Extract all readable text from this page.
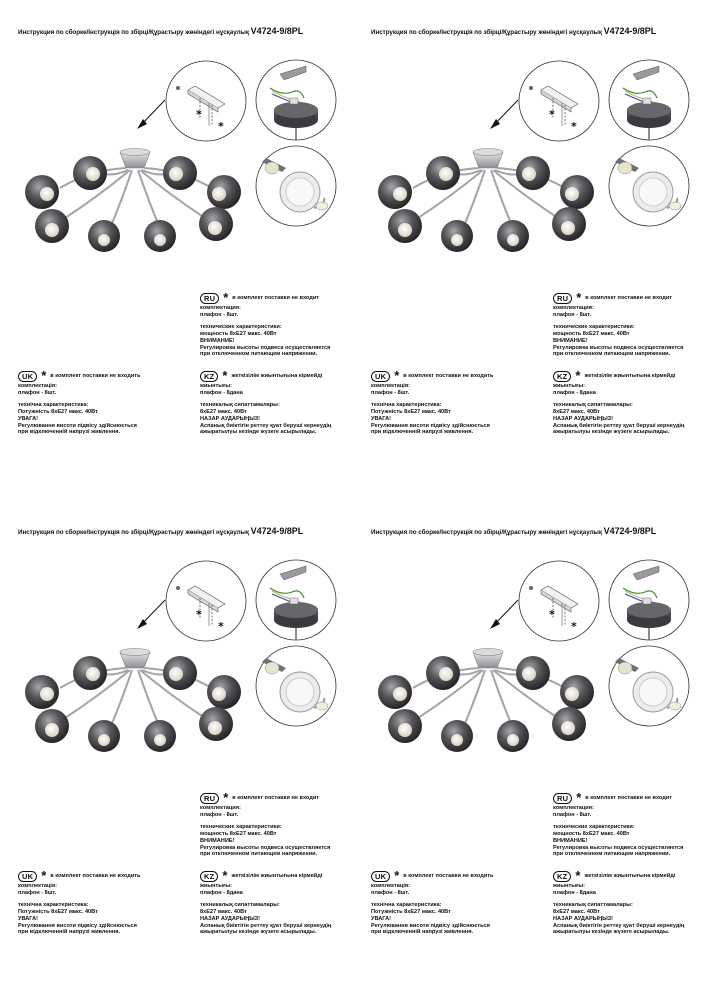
Инструкция по сборке/Інструкція по збірці/Құрастыру жөніндегі нұсқаулық V4724-9/8PL
RU * в комплект поставки не входит
комплектация:
плафон - 8шт.
технические характеристики:
мощность 8хЕ27 макс. 40Вт
ВНИМАНИЕ!
Регулировка высоты подвеса осуществляется
при отключенном питающем напряжении.
UK * в комплект поставки не входить
комплектація:
плафон - 8шт.
технічна характеристика:
Потужність 8хЕ27 макс. 40Вт
УВАГА!
Регулювання висоти підвісу здійснюється
при відключенній напрузі живлення.
KZ * жеткізілім жиынтығына кірмейді
жиынтығы:
плафон - 8дана
техникалық сипаттамалары:
8хЕ27 макс. 40Вт
НАЗАР АУДАРЫҢЫЗ!
Аспанық биіктігін реттеу қуат беруші кернеудің
ажыратылуы кезінде жүзеге асырылады.
Инструкция по сборке/Інструкція по збірці/Құрастыру жөніндегі нұсқаулық V4724-9/8PL
RU * в комплект поставки не входит
комплектация:
плафон - 8шт.
технические характеристики:
мощность 8хЕ27 макс. 40Вт
ВНИМАНИЕ!
Регулировка высоты подвеса осуществляется
при отключенном питающем напряжении.
UK * в комплект поставки не входить
комплектація:
плафон - 8шт.
технічна характеристика:
Потужність 8хЕ27 макс. 40Вт
УВАГА!
Регулювання висоти підвісу здійснюється
при відключенній напрузі живлення.
KZ * жеткізілім жиынтығына кірмейді
жиынтығы:
плафон - 8дана
техникалық сипаттамалары:
8хЕ27 макс. 40Вт
НАЗАР АУДАРЫҢЫЗ!
Аспанық биіктігін реттеу қуат беруші кернеудің
ажыратылуы кезінде жүзеге асырылады.
Инструкция по сборке/Інструкція по збірці/Құрастыру жөніндегі нұсқаулық V4724-9/8PL
RU * в комплект поставки не входит
комплектация:
плафон - 8шт.
технические характеристики:
мощность 8хЕ27 макс. 40Вт
ВНИМАНИЕ!
Регулировка высоты подвеса осуществляется
при отключенном питающем напряжении.
UK * в комплект поставки не входить
комплектація:
плафон - 8шт.
технічна характеристика:
Потужність 8хЕ27 макс. 40Вт
УВАГА!
Регулювання висоти підвісу здійснюється
при відключенній напрузі живлення.
KZ * жеткізілім жиынтығына кірмейді
жиынтығы:
плафон - 8дана
техникалық сипаттамалары:
8хЕ27 макс. 40Вт
НАЗАР АУДАРЫҢЫЗ!
Аспанық биіктігін реттеу қуат беруші кернеудің
ажыратылуы кезінде жүзеге асырылады.
Инструкция по сборке/Інструкція по збірці/Құрастыру жөніндегі нұсқаулық V4724-9/8PL
RU * в комплект поставки не входит
комплектация:
плафон - 8шт.
технические характеристики:
мощность 8хЕ27 макс. 40Вт
ВНИМАНИЕ!
Регулировка высоты подвеса осуществляется
при отключенном питающем напряжении.
UK * в комплект поставки не входить
комплектація:
плафон - 8шт.
технічна характеристика:
Потужність 8хЕ27 макс. 40Вт
УВАГА!
Регулювання висоти підвісу здійснюється
при відключенній напрузі живлення.
KZ * жеткізілім жиынтығына кірмейді
жиынтығы:
плафон - 8дана
техникалық сипаттамалары:
8хЕ27 макс. 40Вт
НАЗАР АУДАРЫҢЫЗ!
Аспанық биіктігін реттеу қуат беруші кернеудің
ажыратылуы кезінде жүзеге асырылады.
